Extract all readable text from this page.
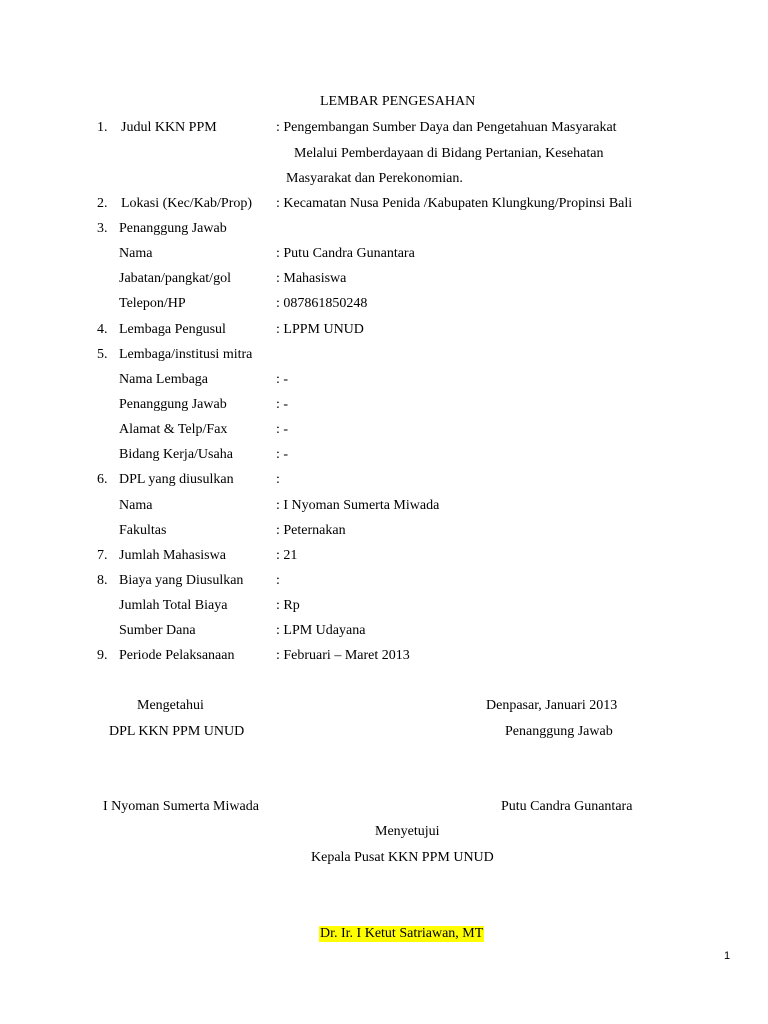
LEMBAR PENGESAHAN
1. Judul KKN PPM	: Pengembangan Sumber Daya dan Pengetahuan Masyarakat
Melalui Pemberdayaan di Bidang Pertanian, Kesehatan
Masyarakat dan Perekonomian.
2. Lokasi (Kec/Kab/Prop) : Kecamatan Nusa Penida /Kabupaten Klungkung/Propinsi Bali
3. Penanggung Jawab
Nama	: Putu Candra Gunantara
Jabatan/pangkat/gol	: Mahasiswa
Telepon/HP	: 087861850248
4. Lembaga Pengusul	: LPPM UNUD
5. Lembaga/institusi mitra
Nama Lembaga	: -
Penanggung Jawab	: -
Alamat & Telp/Fax	: -
Bidang Kerja/Usaha	: -
6. DPL yang diusulkan	:
Nama	: I Nyoman Sumerta Miwada
Fakultas	: Peternakan
7. Jumlah Mahasiswa	: 21
8. Biaya yang Diusulkan :
Jumlah Total Biaya	: Rp
Sumber Dana	: LPM Udayana
9. Periode Pelaksanaan	: Februari – Maret 2013
Mengetahui
DPL KKN PPM UNUD
Denpasar, Januari 2013
Penanggung Jawab
I Nyoman Sumerta Miwada	Putu Candra Gunantara
Menyetujui
Kepala Pusat KKN PPM UNUD
Dr. Ir. I Ketut Satriawan, MT
1
